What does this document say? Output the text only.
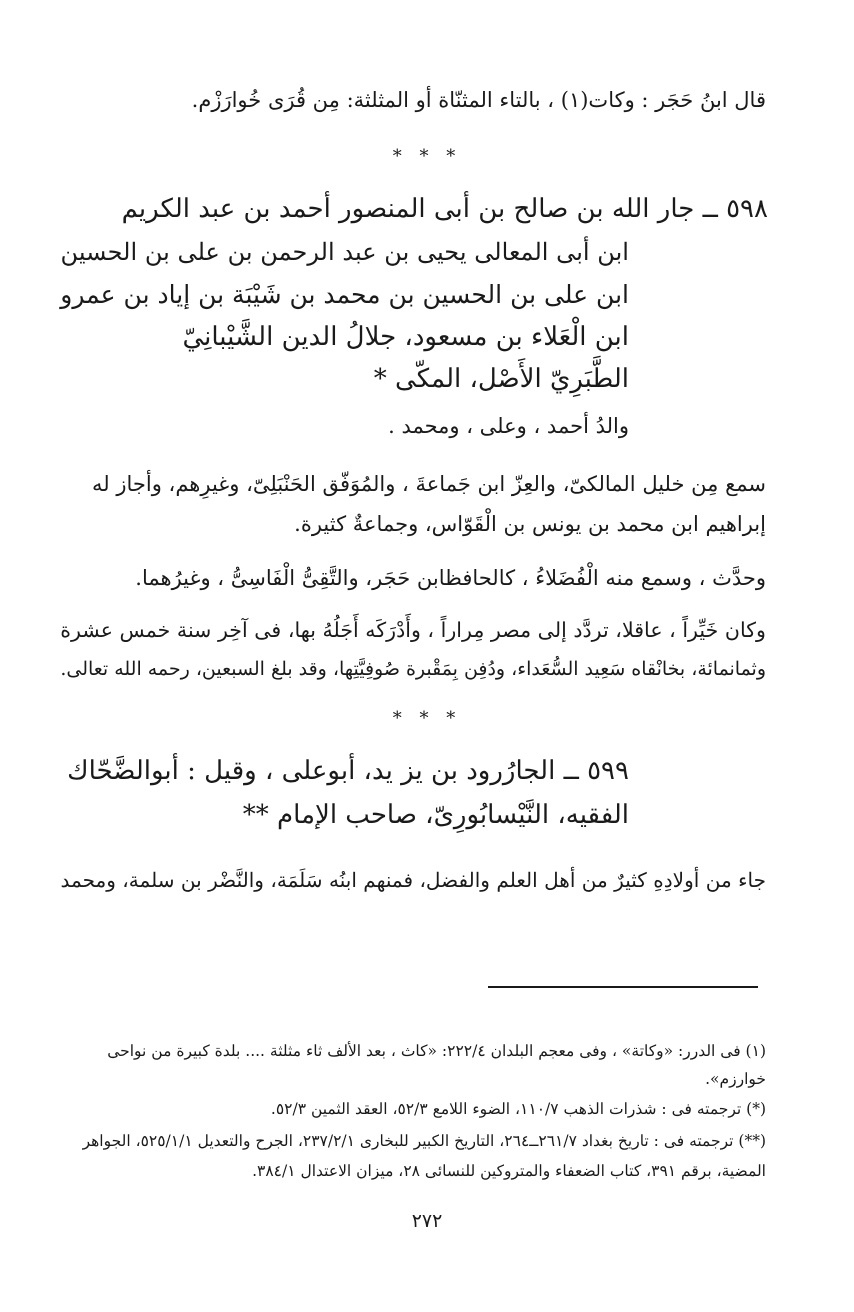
قال ابنُ حَجَر : وكات(١) ، بالتاء المثنّاة أو المثلثة: مِن قُرَى خُوارَزْم.
* * *
٥٩٨ ــ جار الله بن صالح بن أبى المنصور أحمد بن عبد الكريم
ابن أبى المعالى يحيى بن عبد الرحمن بن على بن الحسين
ابن على بن الحسين بن محمد بن شَيْبَة بن إياد بن عمرو
ابن الْعَلاء بن مسعود، جلالُ الدين الشَّيْبانِيّ
الطَّبَرِيّ الأَصْل، المكّى *
والدُ أحمد ، وعلى ، ومحمد .
سمع مِن خليل المالكىّ، والعِزّ ابن جَماعةَ ، والمُوَفّق الحَنْبَلِىّ، وغيرِهم، وأجاز له
إبراهيم ابن محمد بن يونس بن الْقَوّاس، وجماعةٌ كثيرة.
وحدَّث ، وسمع منه الْفُضَلاءُ ، كالحافظابن حَجَر، والتَّقِىُّ الْفَاسِىُّ ، وغيرُهما.
وكان خَيِّراً ، عاقلا، تردَّد إلى مصر مِراراً ، وأَدْرَكَه أَجَلُهُ بها، فى آخِر سنة خمس عشرة
وثمانمائة، بخانْقاه سَعِيد السُّعَداء، ودُفِن بِمَقْبرة صُوفِيَّتِها، وقد بلغ السبعين، رحمه الله تعالى.
* * *
٥٩٩ ــ الجارُرود بن يز يد، أبوعلى ، وقيل : أبوالضَّحّاك
الفقيه، النَّيْسابُورِىّ، صاحب الإمام **
جاء من أولادِهِ كثيرٌ من أهل العلم والفضل، فمنهم ابنُه سَلَمَة، والنَّضْر بن سلمة، ومحمد
(١) فى الدرر: «وكاتة» ، وفى معجم البلدان ٢٢٢/٤: «كاث ، بعد الألف ثاء مثلثة .... بلدة كبيرة من نواحى
خوارزم».
(*) ترجمته فى : شذرات الذهب ١١٠/٧، الضوء اللامع ٥٢/٣، العقد الثمين ٥٢/٣.
(**) ترجمته فى : تاريخ بغداد ٢٦١/٧ــ٢٦٤، التاريخ الكبير للبخارى ٢٣٧/٢/١، الجرح والتعديل ٥٢٥/١/١، الجواهر
المضية، برقم ٣٩١، كتاب الضعفاء والمتروكين للنسائى ٢٨، ميزان الاعتدال ٣٨٤/١.
٢٧٢
